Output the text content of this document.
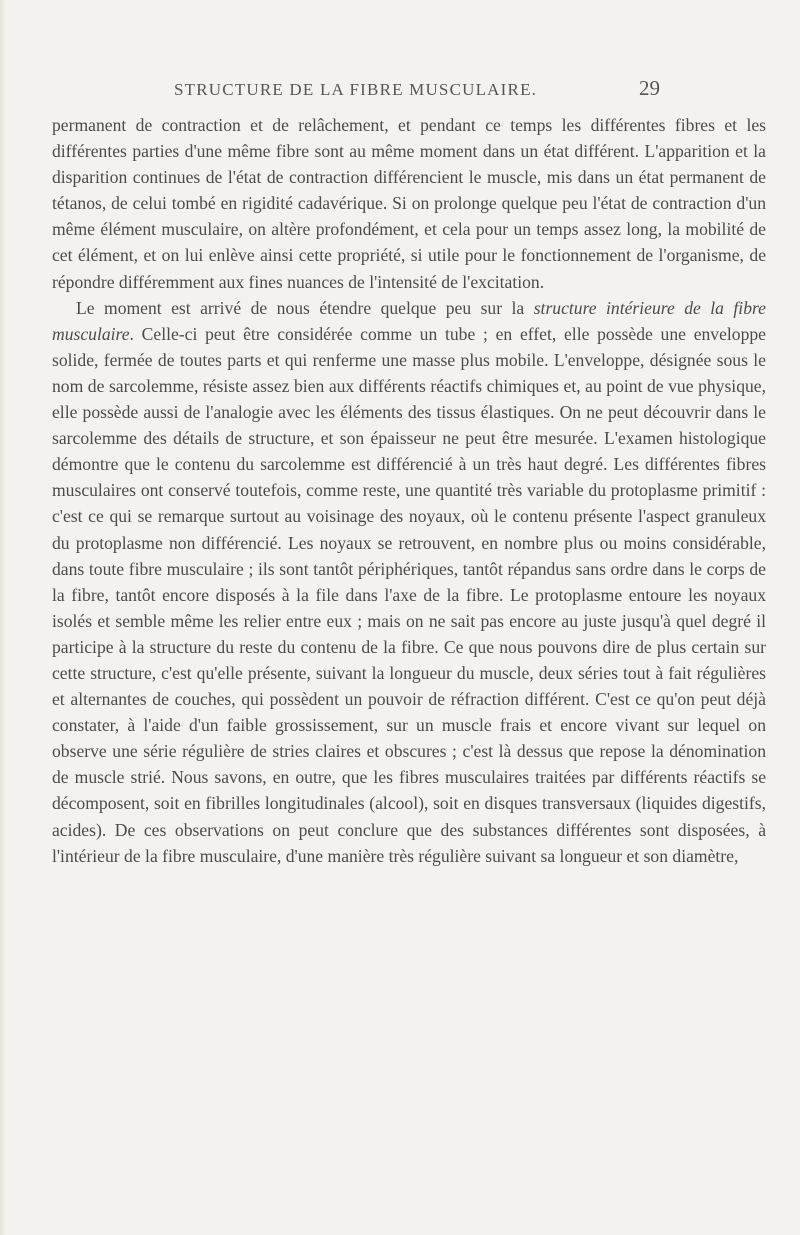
STRUCTURE DE LA FIBRE MUSCULAIRE.	29

permanent de contraction et de relâchement, et pendant ce temps les différentes fibres et les différentes parties d'une même fibre sont au même moment dans un état différent. L'apparition et la disparition continues de l'état de contraction différencient le muscle, mis dans un état permanent de tétanos, de celui tombé en rigidité cadavérique. Si on prolonge quelque peu l'état de contraction d'un même élément musculaire, on altère profondément, et cela pour un temps assez long, la mobilité de cet élément, et on lui enlève ainsi cette propriété, si utile pour le fonctionnement de l'organisme, de répondre différemment aux fines nuances de l'intensité de l'excitation.

Le moment est arrivé de nous étendre quelque peu sur la structure intérieure de la fibre musculaire. Celle-ci peut être considérée comme un tube ; en effet, elle possède une enveloppe solide, fermée de toutes parts et qui renferme une masse plus mobile. L'enveloppe, désignée sous le nom de sarcolemme, résiste assez bien aux différents réactifs chimiques et, au point de vue physique, elle possède aussi de l'analogie avec les éléments des tissus élastiques. On ne peut découvrir dans le sarcolemme des détails de structure, et son épaisseur ne peut être mesurée. L'examen histologique démontre que le contenu du sarcolemme est différencié à un très haut degré. Les différentes fibres musculaires ont conservé toutefois, comme reste, une quantité très variable du protoplasme primitif : c'est ce qui se remarque surtout au voisinage des noyaux, où le contenu présente l'aspect granuleux du protoplasme non différencié. Les noyaux se retrouvent, en nombre plus ou moins considérable, dans toute fibre musculaire ; ils sont tantôt périphériques, tantôt répandus sans ordre dans le corps de la fibre, tantôt encore disposés à la file dans l'axe de la fibre. Le protoplasme entoure les noyaux isolés et semble même les relier entre eux ; mais on ne sait pas encore au juste jusqu'à quel degré il participe à la structure du reste du contenu de la fibre. Ce que nous pouvons dire de plus certain sur cette structure, c'est qu'elle présente, suivant la longueur du muscle, deux séries tout à fait régulières et alternantes de couches, qui possèdent un pouvoir de réfraction différent. C'est ce qu'on peut déjà constater, à l'aide d'un faible grossissement, sur un muscle frais et encore vivant sur lequel on observe une série régulière de stries claires et obscures ; c'est là dessus que repose la dénomination de muscle strié. Nous savons, en outre, que les fibres musculaires traitées par différents réactifs se décomposent, soit en fibrilles longitudinales (alcool), soit en disques transversaux (liquides digestifs, acides). De ces observations on peut conclure que des substances différentes sont disposées, à l'intérieur de la fibre musculaire, d'une manière très régulière suivant sa longueur et son diamètre,
